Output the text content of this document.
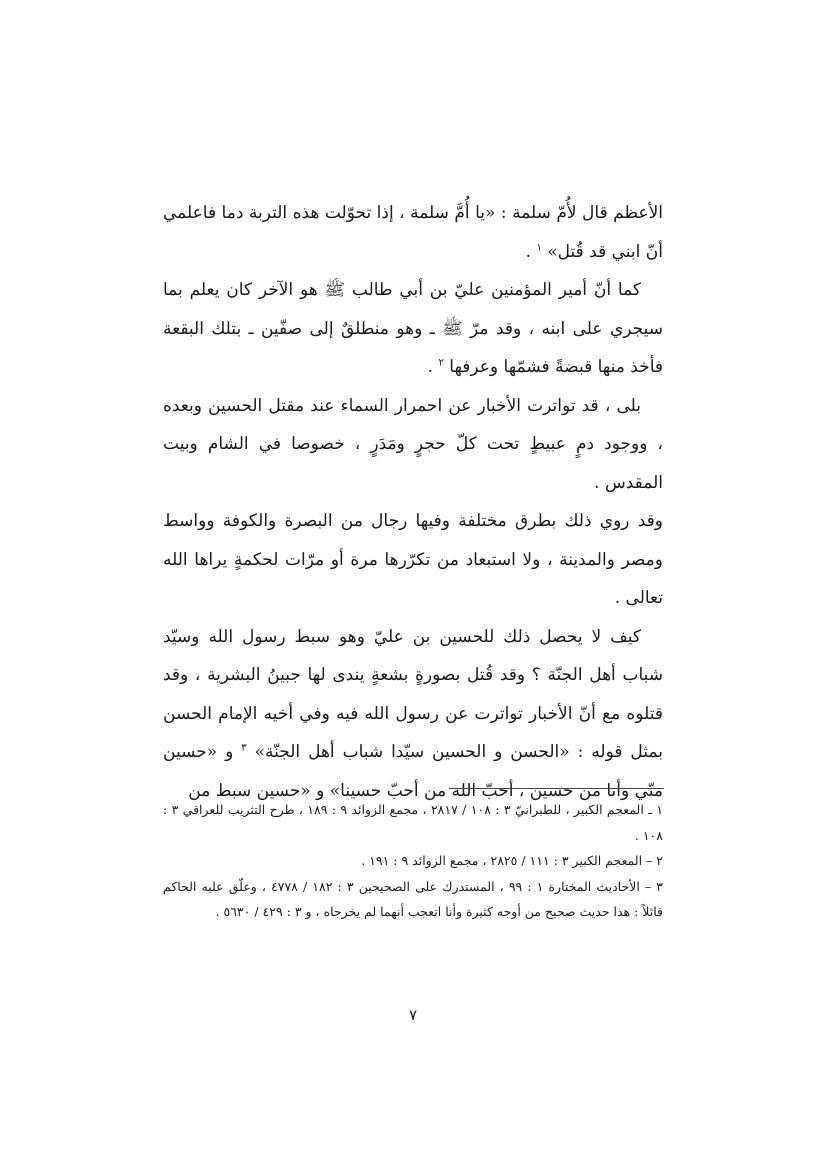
الأعظم قال لأُمّ سلمة : «يا أُمَّ سلمة ، إذا تحوّلت هذه التربة دما فاعلمي أنّ ابني قد قُتل» $^١$ .

كما أنّ أمير المؤمنين عليّ بن أبي طالب ﷺ هو الآخر كان يعلم بما سيجري على ابنه ، وقد مرّ ﷺ ـ وهو منطلقٌ إلى صفّين ـ بتلك البقعة فأخذ منها قبضةً فشمّها وعرفها $^٢$ .

بلى ، قد تواترت الأخبار عن احمرار السماء عند مقتل الحسين وبعده ، ووجود دمٍ عبيطٍ تحت كلّ حجرٍ ومَدَرٍ ، خصوصا في الشام وبيت المقدس .

وقد روي ذلك بطرق مختلفة وفيها رجال من البصرة والكوفة وواسط ومصر والمدينة ، ولا استبعاد من تكرّرها مرة أو مرّات لحكمةٍ يراها الله تعالى .

كيف لا يحصل ذلك للحسين بن عليّ وهو سبط رسول الله وسيّد شباب أهل الجنّة ؟ وقد قُتل بصورةٍ بشعةٍ يندى لها جبينُ البشرية ، وقد قتلوه مع أنّ الأخبار تواترت عن رسول الله فيه وفي أخيه الإمام الحسن بمثل قوله : «الحسن و الحسين سيّدا شباب أهل الجنّة» $^٣$ و «حسين منّي وأنا من حسين ، أحبّ الله من أحبّ حسينا» و «حسين سبط من

١ ـ المعجم الكبير ، للطبرانيّ ٣ : ١٠٨ / ٢٨١٧ ، مجمع الزوائد ٩ : ١٨٩ ، طرح التثريب للعراقي ٣ : ١٠٨ .

٢ – المعجم الكبير ٣ : ١١١ / ٢٨٢٥ ، مجمع الزوائد ٩ : ١٩١ .

٣ – الأحاديث المختارة ١ : ٩٩ ، المستدرك على الصحيحين ٣ : ١٨٢ / ٤٧٧٨ ، وعلّق عليه الحاكم قائلاً : هذا حديث صحيح من أوجه كثيرة وأنا اتعجب أنهما لم يخرجاه ، و ٣ : ٤٢٩ / ٥٦٣٠ .

٧
